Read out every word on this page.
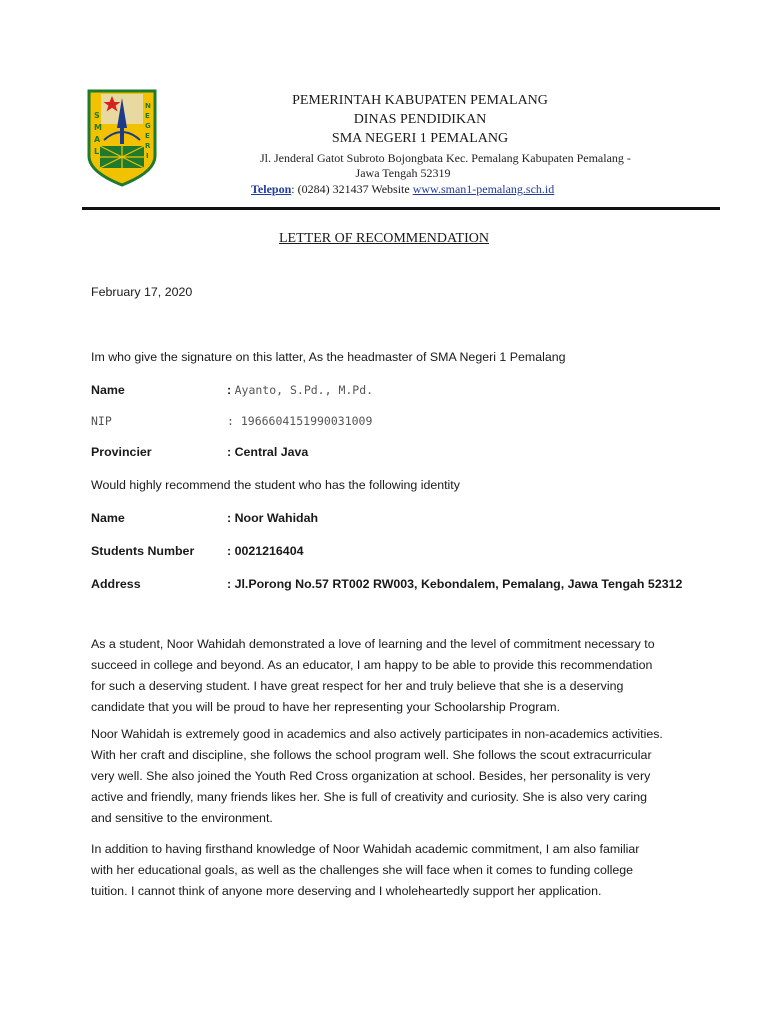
S
M
A
L
N
E
G
E
R
I
PEMERINTAH KABUPATEN PEMALANG
DINAS PENDIDIKAN
SMA NEGERI 1 PEMALANG
Jl. Jenderal Gatot Subroto Bojongbata Kec. Pemalang Kabupaten Pemalang -
Jawa Tengah 52319
Telepon: (0284) 321437 Website www.sman1-pemalang.sch.id
LETTER OF RECOMMENDATION
February 17, 2020
Im who give the signature on this latter, As the headmaster of SMA Negeri 1 Pemalang
Name	: Ayanto, S.Pd., M.Pd.
NIP	: 196660415199003100​9
Provincier	: Central Java
Would highly recommend the student who has the following identity
Name	: Noor Wahidah
Students Number	: 0021216404
Address	: Jl.Porong No.57 RT002 RW003, Kebondalem, Pemalang, Jawa Tengah 52312
As a student, Noor Wahidah demonstrated a love of learning and the level of commitment necessary to
succeed in college and beyond. As an educator, I am happy to be able to provide this recommendation
for such a deserving student. I have great respect for her and truly believe that she is a deserving
candidate that you will be proud to have her representing your Schoolarship Program.
Noor Wahidah is extremely good in academics and also actively participates in non-academics activities.
With her craft and discipline, she follows the school program well. She follows the scout extracurricular
very well. She also joined the Youth Red Cross organization at school. Besides, her personality is very
active and friendly, many friends likes her. She is full of creativity and curiosity. She is also very caring
and sensitive to the environment.
In addition to having firsthand knowledge of Noor Wahidah academic commitment, I am also familiar
with her educational goals, as well as the challenges she will face when it comes to funding college
tuition. I cannot think of anyone more deserving and I wholeheartedly support her application.
